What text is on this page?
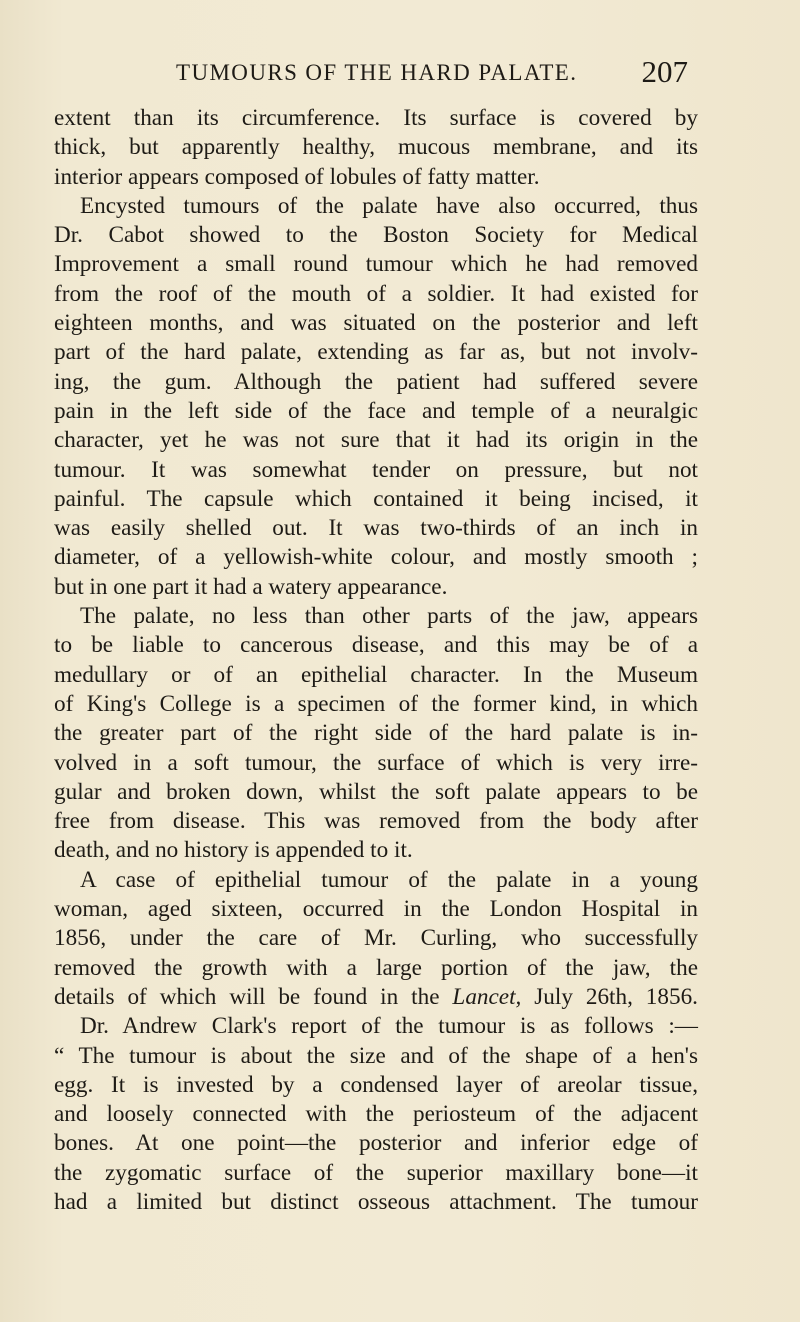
TUMOURS OF THE HARD PALATE. 207
extent than its circumference. Its surface is covered by
thick, but apparently healthy, mucous membrane, and its
interior appears composed of lobules of fatty matter.
Encysted tumours of the palate have also occurred, thus
Dr. Cabot showed to the Boston Society for Medical
Improvement a small round tumour which he had removed
from the roof of the mouth of a soldier. It had existed for
eighteen months, and was situated on the posterior and left
part of the hard palate, extending as far as, but not involv-
ing, the gum. Although the patient had suffered severe
pain in the left side of the face and temple of a neuralgic
character, yet he was not sure that it had its origin in the
tumour. It was somewhat tender on pressure, but not
painful. The capsule which contained it being incised, it
was easily shelled out. It was two-thirds of an inch in
diameter, of a yellowish-white colour, and mostly smooth ;
but in one part it had a watery appearance.
The palate, no less than other parts of the jaw, appears
to be liable to cancerous disease, and this may be of a
medullary or of an epithelial character. In the Museum
of King's College is a specimen of the former kind, in which
the greater part of the right side of the hard palate is in-
volved in a soft tumour, the surface of which is very irre-
gular and broken down, whilst the soft palate appears to be
free from disease. This was removed from the body after
death, and no history is appended to it.
A case of epithelial tumour of the palate in a young
woman, aged sixteen, occurred in the London Hospital in
1856, under the care of Mr. Curling, who successfully
removed the growth with a large portion of the jaw, the
details of which will be found in the Lancet, July 26th, 1856.
Dr. Andrew Clark's report of the tumour is as follows :—
“ The tumour is about the size and of the shape of a hen's
egg. It is invested by a condensed layer of areolar tissue,
and loosely connected with the periosteum of the adjacent
bones. At one point—the posterior and inferior edge of
the zygomatic surface of the superior maxillary bone—it
had a limited but distinct osseous attachment. The tumour
